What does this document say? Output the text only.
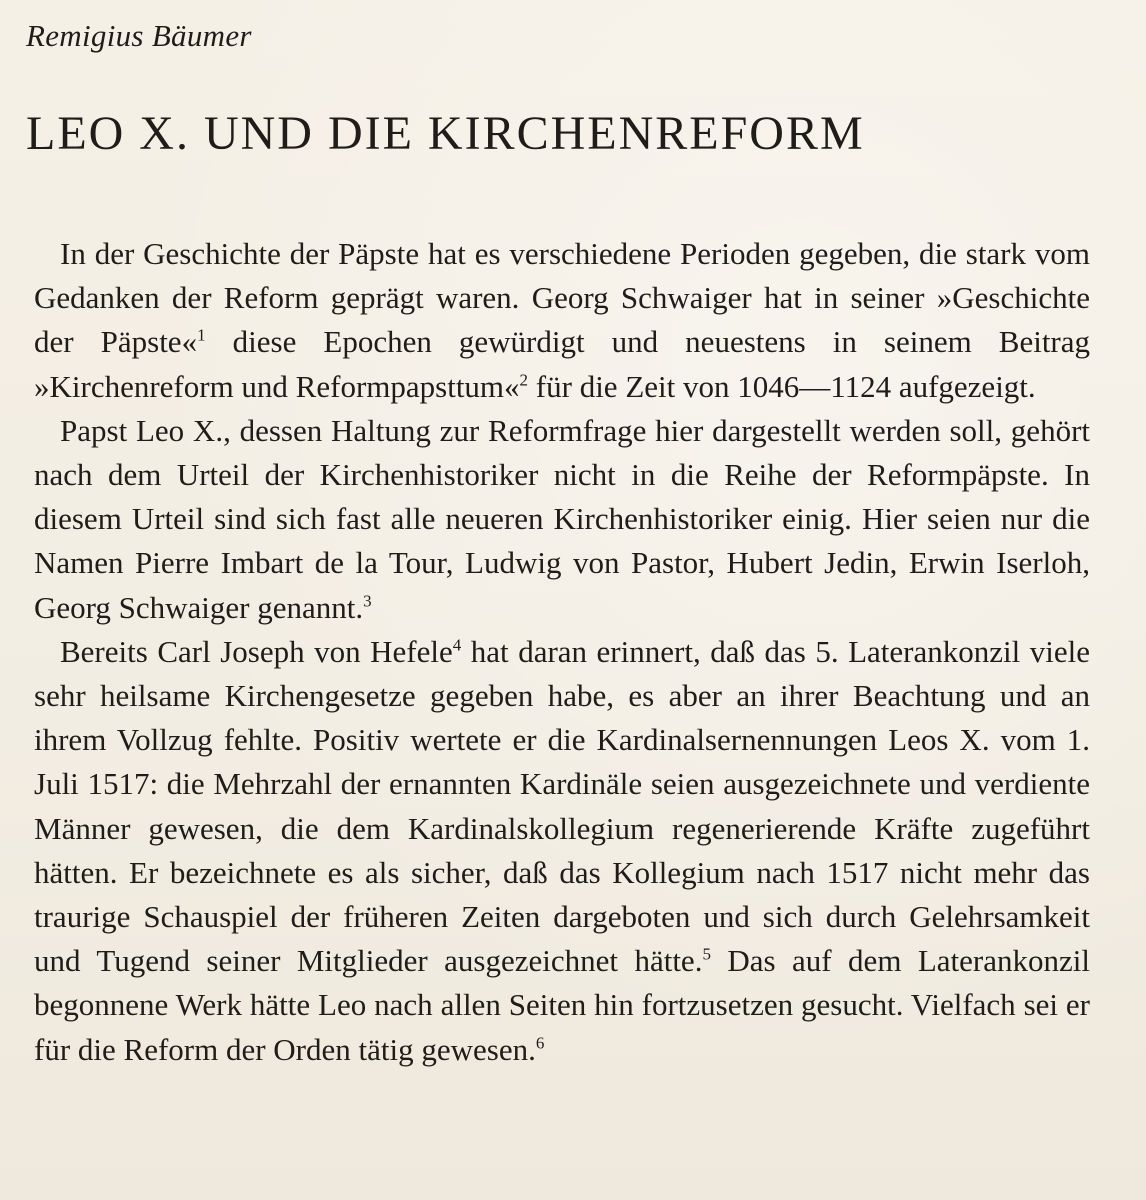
Remigius Bäumer
LEO X. UND DIE KIRCHENREFORM

In der Geschichte der Päpste hat es verschiedene Perioden gegeben, die stark vom Gedanken der Reform geprägt waren. Georg Schwaiger hat in seiner »Geschichte der Päpste«$^1$ diese Epochen gewürdigt und neuestens in seinem Beitrag »Kirchenreform und Reformpapsttum«$^2$ für die Zeit von 1046—1124 aufgezeigt.

Papst Leo X., dessen Haltung zur Reformfrage hier dargestellt werden soll, gehört nach dem Urteil der Kirchenhistoriker nicht in die Reihe der Reformpäpste. In diesem Urteil sind sich fast alle neueren Kirchenhistoriker einig. Hier seien nur die Namen Pierre Imbart de la Tour, Ludwig von Pastor, Hubert Jedin, Erwin Iserloh, Georg Schwaiger genannt.$^3$

Bereits Carl Joseph von Hefele$^4$ hat daran erinnert, daß das 5. Laterankonzil viele sehr heilsame Kirchengesetze gegeben habe, es aber an ihrer Beachtung und an ihrem Vollzug fehlte. Positiv wertete er die Kardinalsernennungen Leos X. vom 1. Juli 1517: die Mehrzahl der ernannten Kardinäle seien ausgezeichnete und verdiente Männer gewesen, die dem Kardinalskollegium regenerierende Kräfte zugeführt hätten. Er bezeichnete es als sicher, daß das Kollegium nach 1517 nicht mehr das traurige Schauspiel der früheren Zeiten dargeboten und sich durch Gelehrsamkeit und Tugend seiner Mitglieder ausgezeichnet hätte.$^5$ Das auf dem Laterankonzil begonnene Werk hätte Leo nach allen Seiten hin fortzusetzen gesucht. Vielfach sei er für die Reform der Orden tätig gewesen.$^6$
